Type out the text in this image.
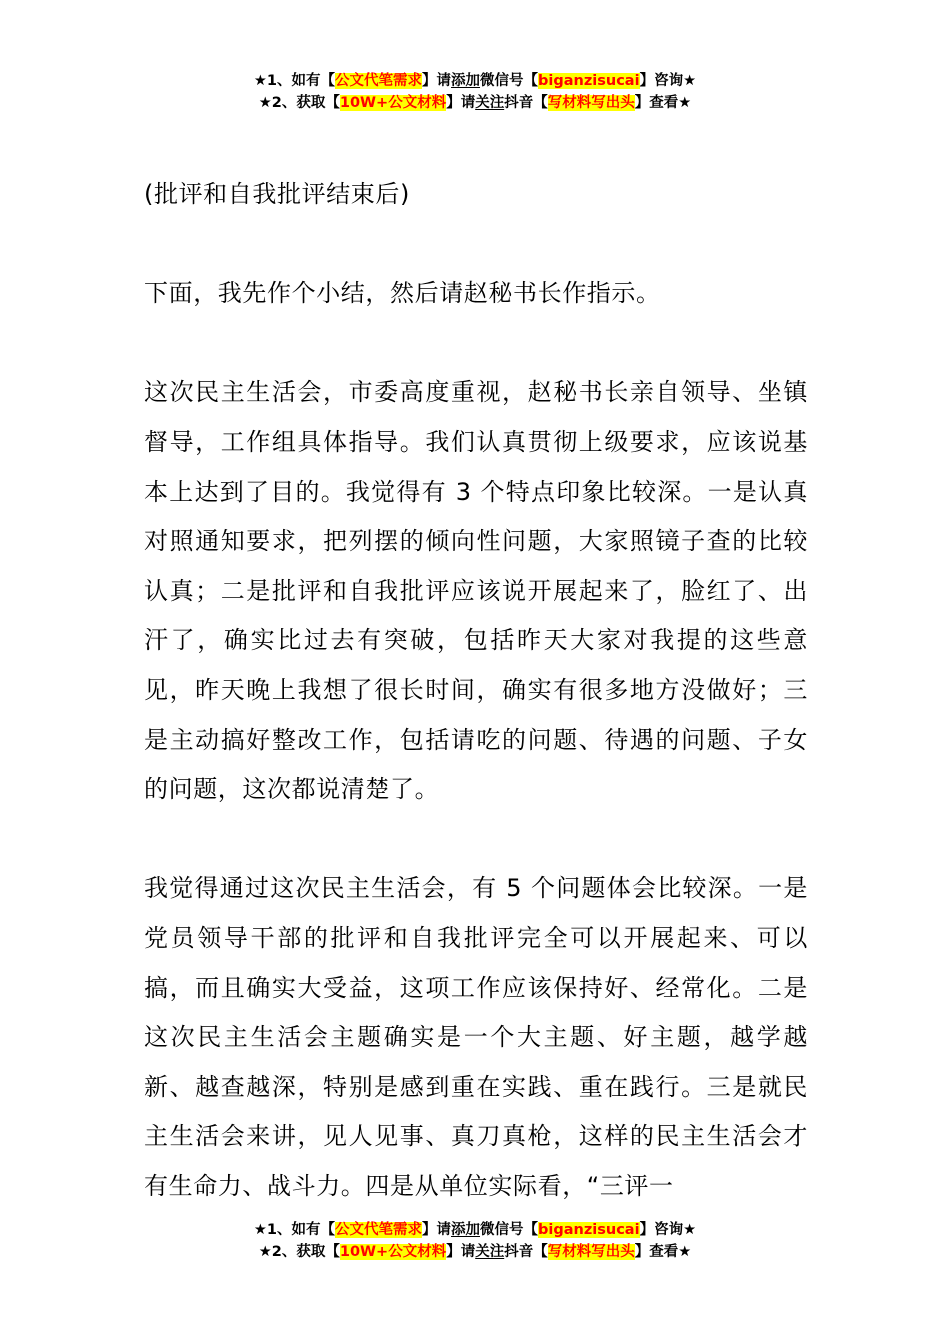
★1、如有【公文代笔需求】请添加微信号【biganzisucai】咨询★
★2、获取【10W+公文材料】请关注抖音【写材料写出头】查看★

(批评和自我批评结束后)

下面，我先作个小结，然后请赵秘书长作指示。

这次民主生活会，市委高度重视，赵秘书长亲自领导、坐镇督导，工作组具体指导。我们认真贯彻上级要求，应该说基本上达到了目的。我觉得有 3 个特点印象比较深。一是认真对照通知要求，把列摆的倾向性问题，大家照镜子查的比较认真；二是批评和自我批评应该说开展起来了，脸红了、出汗了，确实比过去有突破，包括昨天大家对我提的这些意见，昨天晚上我想了很长时间，确实有很多地方没做好；三是主动搞好整改工作，包括请吃的问题、待遇的问题、子女的问题，这次都说清楚了。

我觉得通过这次民主生活会，有 5 个问题体会比较深。一是党员领导干部的批评和自我批评完全可以开展起来、可以搞，而且确实大受益，这项工作应该保持好、经常化。二是这次民主生活会主题确实是一个大主题、好主题，越学越新、越查越深，特别是感到重在实践、重在践行。三是就民主生活会来讲，见人见事、真刀真枪，这样的民主生活会才有生命力、战斗力。四是从单位实际看，“三评一

★1、如有【公文代笔需求】请添加微信号【biganzisucai】咨询★
★2、获取【10W+公文材料】请关注抖音【写材料写出头】查看★
